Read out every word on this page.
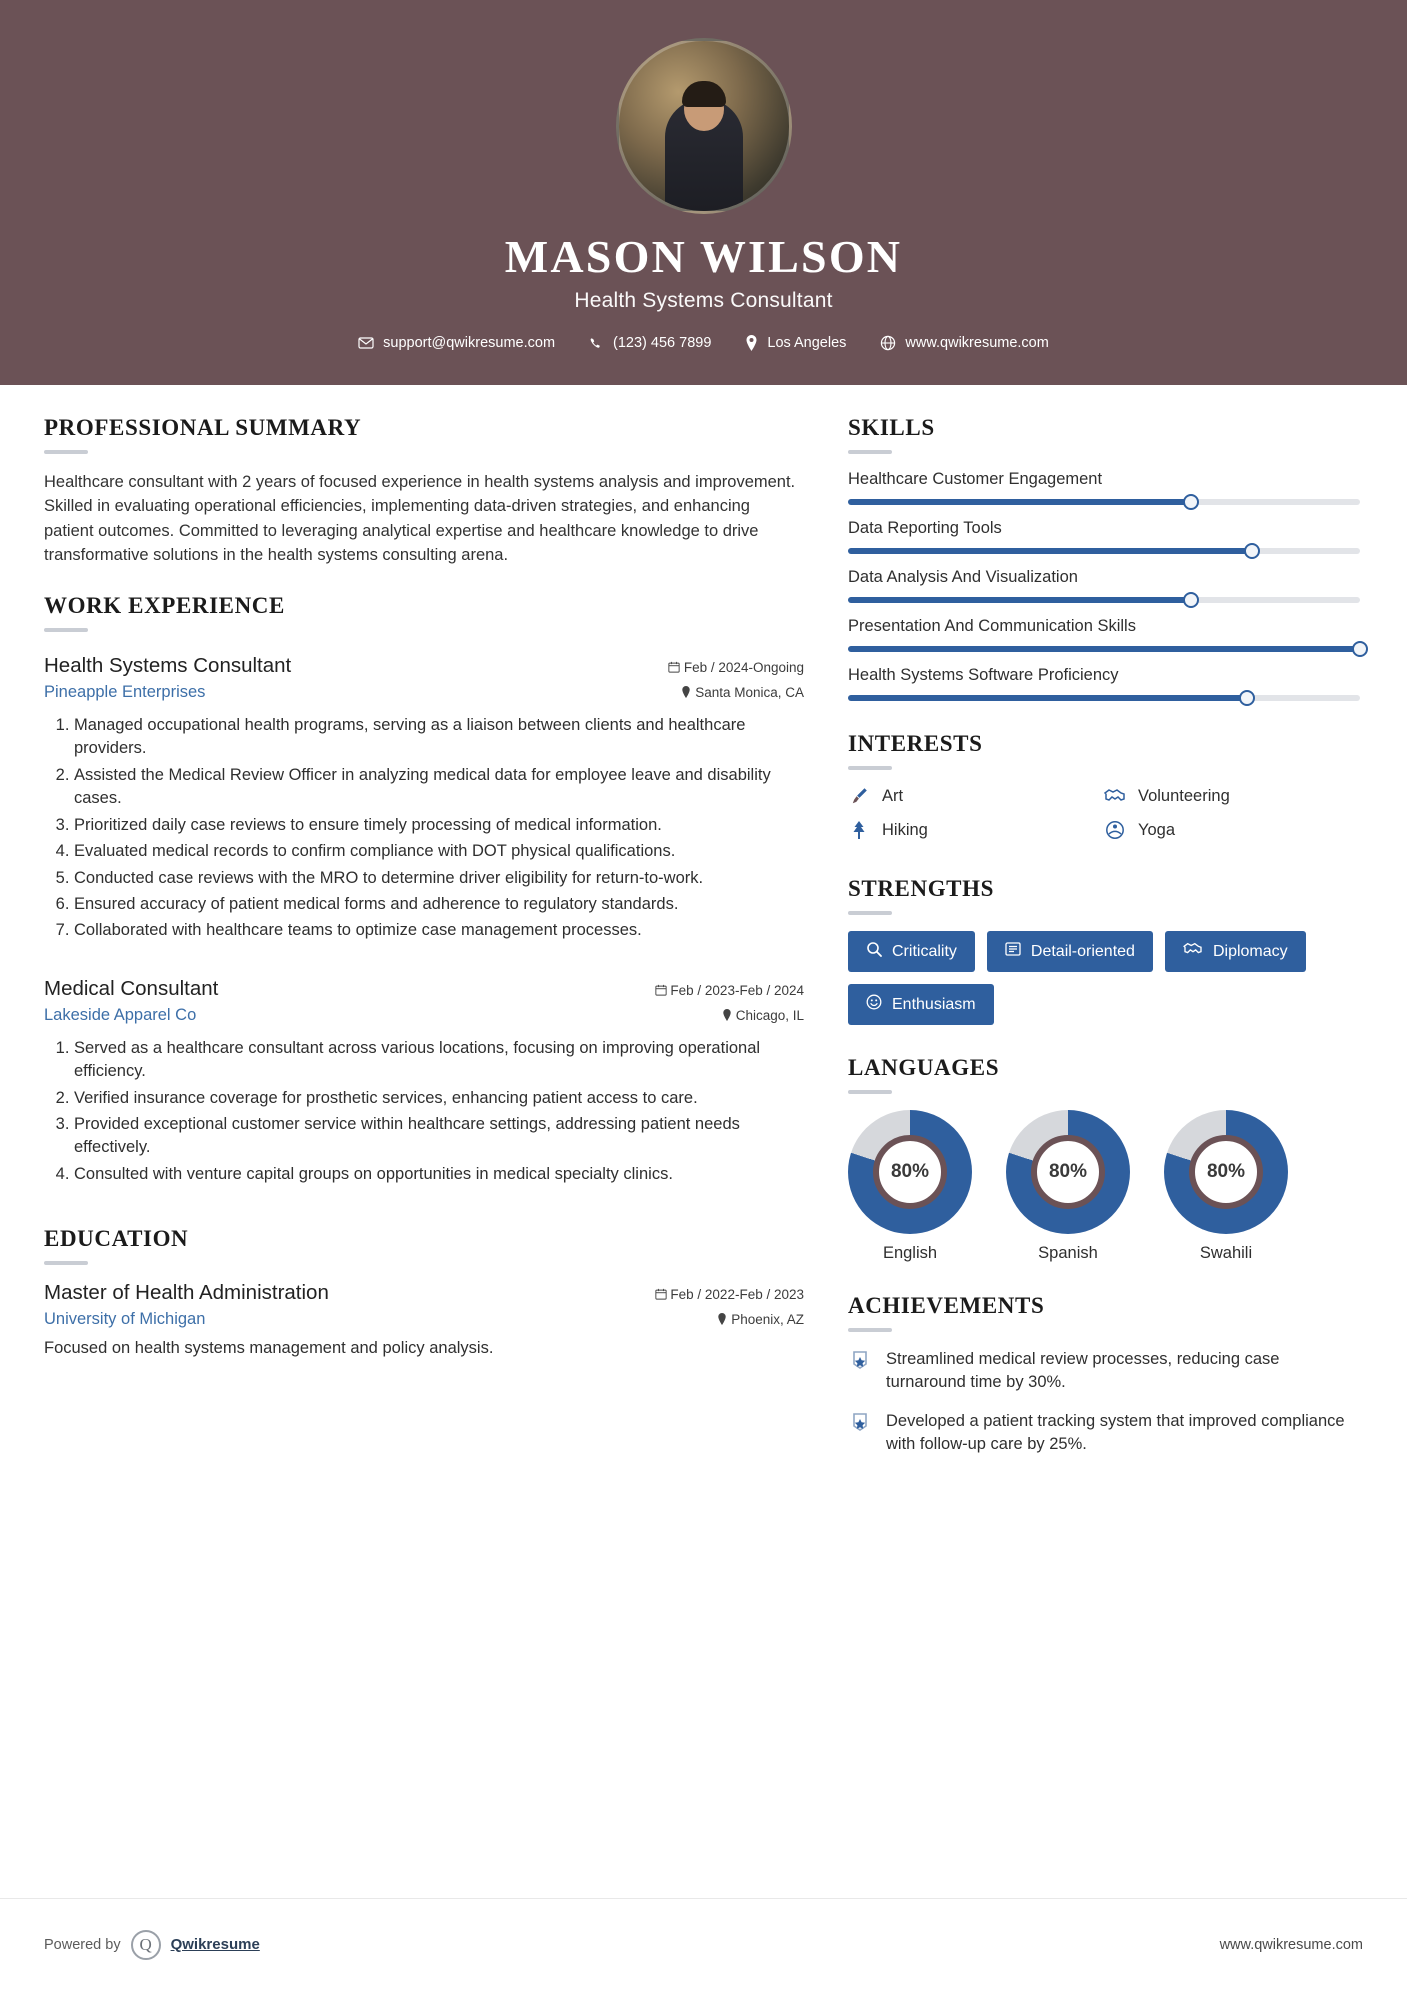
MASON WILSON
Health Systems Consultant
support@qwikresume.com	(123) 456 7899	Los Angeles	www.qwikresume.com
PROFESSIONAL SUMMARY

Healthcare consultant with 2 years of focused experience in health systems analysis and improvement. Skilled in evaluating operational efficiencies, implementing data-driven strategies, and enhancing patient outcomes. Committed to leveraging analytical expertise and healthcare knowledge to drive transformative solutions in the health systems consulting arena.

WORK EXPERIENCE
Health Systems Consultant	Feb / 2024-Ongoing
Pineapple Enterprises	Santa Monica, CA
1. Managed occupational health programs, serving as a liaison between clients and healthcare providers.
2. Assisted the Medical Review Officer in analyzing medical data for employee leave and disability cases.
3. Prioritized daily case reviews to ensure timely processing of medical information.
4. Evaluated medical records to confirm compliance with DOT physical qualifications.
5. Conducted case reviews with the MRO to determine driver eligibility for return-to-work.
6. Ensured accuracy of patient medical forms and adherence to regulatory standards.
7. Collaborated with healthcare teams to optimize case management processes.
Medical Consultant	Feb / 2023-Feb / 2024
Lakeside Apparel Co	Chicago, IL
1. Served as a healthcare consultant across various locations, focusing on improving operational efficiency.
2. Verified insurance coverage for prosthetic services, enhancing patient access to care.
3. Provided exceptional customer service within healthcare settings, addressing patient needs effectively.
4. Consulted with venture capital groups on opportunities in medical specialty clinics.
EDUCATION
Master of Health Administration	Feb / 2022-Feb / 2023
University of Michigan	Phoenix, AZ
Focused on health systems management and policy analysis.
SKILLS
Healthcare Customer Engagement
Data Reporting Tools
Data Analysis And Visualization
Presentation And Communication Skills
Health Systems Software Proficiency
INTERESTS
Art	Volunteering
Hiking	Yoga
STRENGTHS
Criticality	Detail-oriented	Diplomacy
Enthusiasm
LANGUAGES
80%
English
80%
Spanish
80%
Swahili
ACHIEVEMENTS
Streamlined medical review processes, reducing case turnaround time by 30%.
Developed a patient tracking system that improved compliance with follow-up care by 25%.
Powered by Q Qwikresume	www.qwikresume.com
